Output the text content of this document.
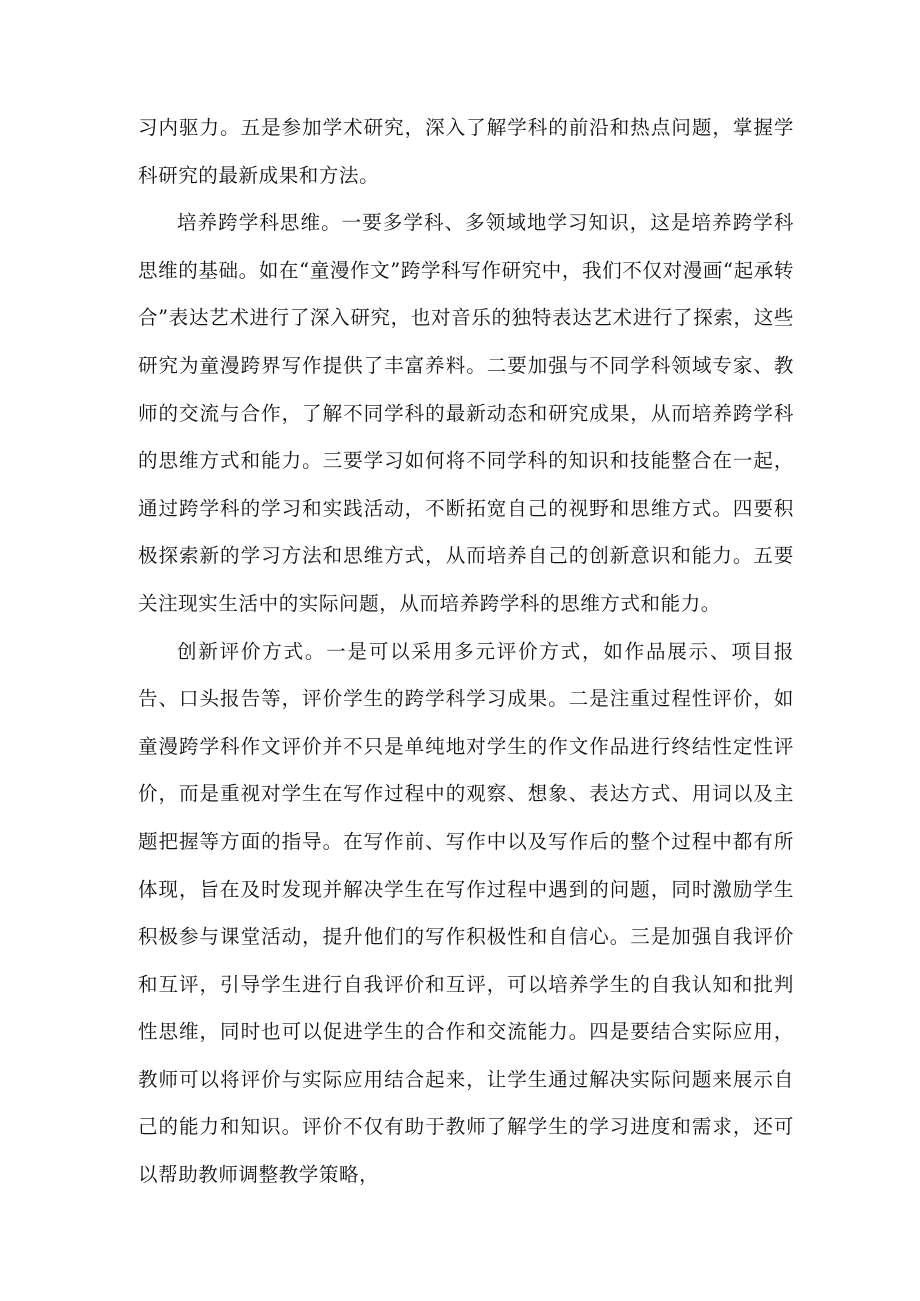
习内驱力。五是参加学术研究，深入了解学科的前沿和热点问题，掌握学科研究的最新成果和方法。

培养跨学科思维。一要多学科、多领域地学习知识，这是培养跨学科思维的基础。如在“童漫作文”跨学科写作研究中，我们不仅对漫画“起承转合”表达艺术进行了深入研究，也对音乐的独特表达艺术进行了探索，这些研究为童漫跨界写作提供了丰富养料。二要加强与不同学科领域专家、教师的交流与合作，了解不同学科的最新动态和研究成果，从而培养跨学科的思维方式和能力。三要学习如何将不同学科的知识和技能整合在一起，通过跨学科的学习和实践活动，不断拓宽自己的视野和思维方式。四要积极探索新的学习方法和思维方式，从而培养自己的创新意识和能力。五要关注现实生活中的实际问题，从而培养跨学科的思维方式和能力。

创新评价方式。一是可以采用多元评价方式，如作品展示、项目报告、口头报告等，评价学生的跨学科学习成果。二是注重过程性评价，如童漫跨学科作文评价并不只是单纯地对学生的作文作品进行终结性定性评价，而是重视对学生在写作过程中的观察、想象、表达方式、用词以及主题把握等方面的指导。在写作前、写作中以及写作后的整个过程中都有所体现，旨在及时发现并解决学生在写作过程中遇到的问题，同时激励学生积极参与课堂活动，提升他们的写作积极性和自信心。三是加强自我评价和互评，引导学生进行自我评价和互评，可以培养学生的自我认知和批判性思维，同时也可以促进学生的合作和交流能力。四是要结合实际应用，教师可以将评价与实际应用结合起来，让学生通过解决实际问题来展示自己的能力和知识。评价不仅有助于教师了解学生的学习进度和需求，还可以帮助教师调整教学策略，
